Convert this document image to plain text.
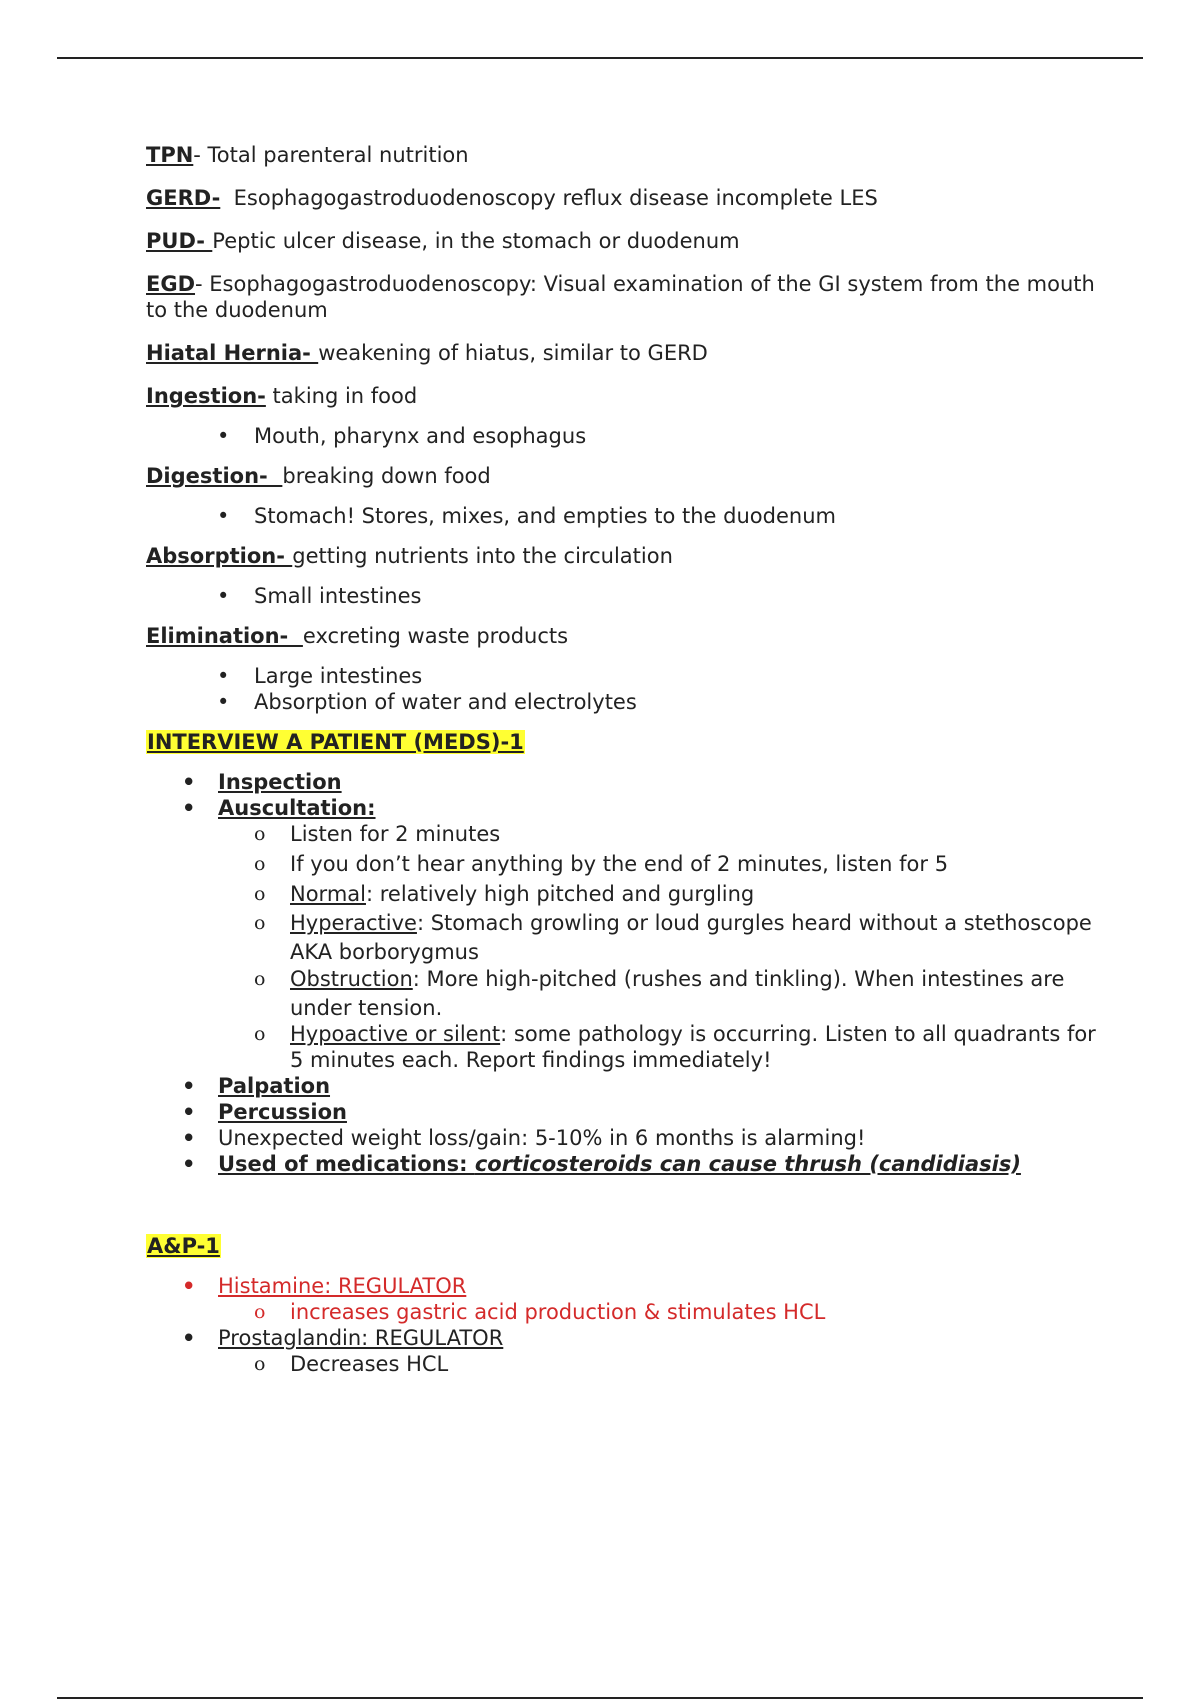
TPN- Total parenteral nutrition

GERD-  Esophagogastroduodenoscopy reflux disease incomplete LES

PUD- Peptic ulcer disease, in the stomach or duodenum

EGD- Esophagogastroduodenoscopy: Visual examination of the GI system from the mouth to the duodenum

Hiatal Hernia- weakening of hiatus, similar to GERD

Ingestion- taking in food

• Mouth, pharynx and esophagus

Digestion-  breaking down food

• Stomach! Stores, mixes, and empties to the duodenum

Absorption- getting nutrients into the circulation

• Small intestines

Elimination-  excreting waste products

• Large intestines

• Absorption of water and electrolytes

INTERVIEW A PATIENT (MEDS)-1

• Inspection

• Auscultation:

o Listen for 2 minutes

o If you don’t hear anything by the end of 2 minutes, listen for 5

o Normal: relatively high pitched and gurgling

o Hyperactive: Stomach growling or loud gurgles heard without a stethoscope AKA borborygmus

o Obstruction: More high-pitched (rushes and tinkling). When intestines are under tension.

o Hypoactive or silent: some pathology is occurring. Listen to all quadrants for 5 minutes each. Report findings immediately!

• Palpation

• Percussion

• Unexpected weight loss/gain: 5-10% in 6 months is alarming!

• Used of medications: corticosteroids can cause thrush (candidiasis)

A&P-1

• Histamine: REGULATOR

o increases gastric acid production & stimulates HCL

• Prostaglandin: REGULATOR

o Decreases HCL
